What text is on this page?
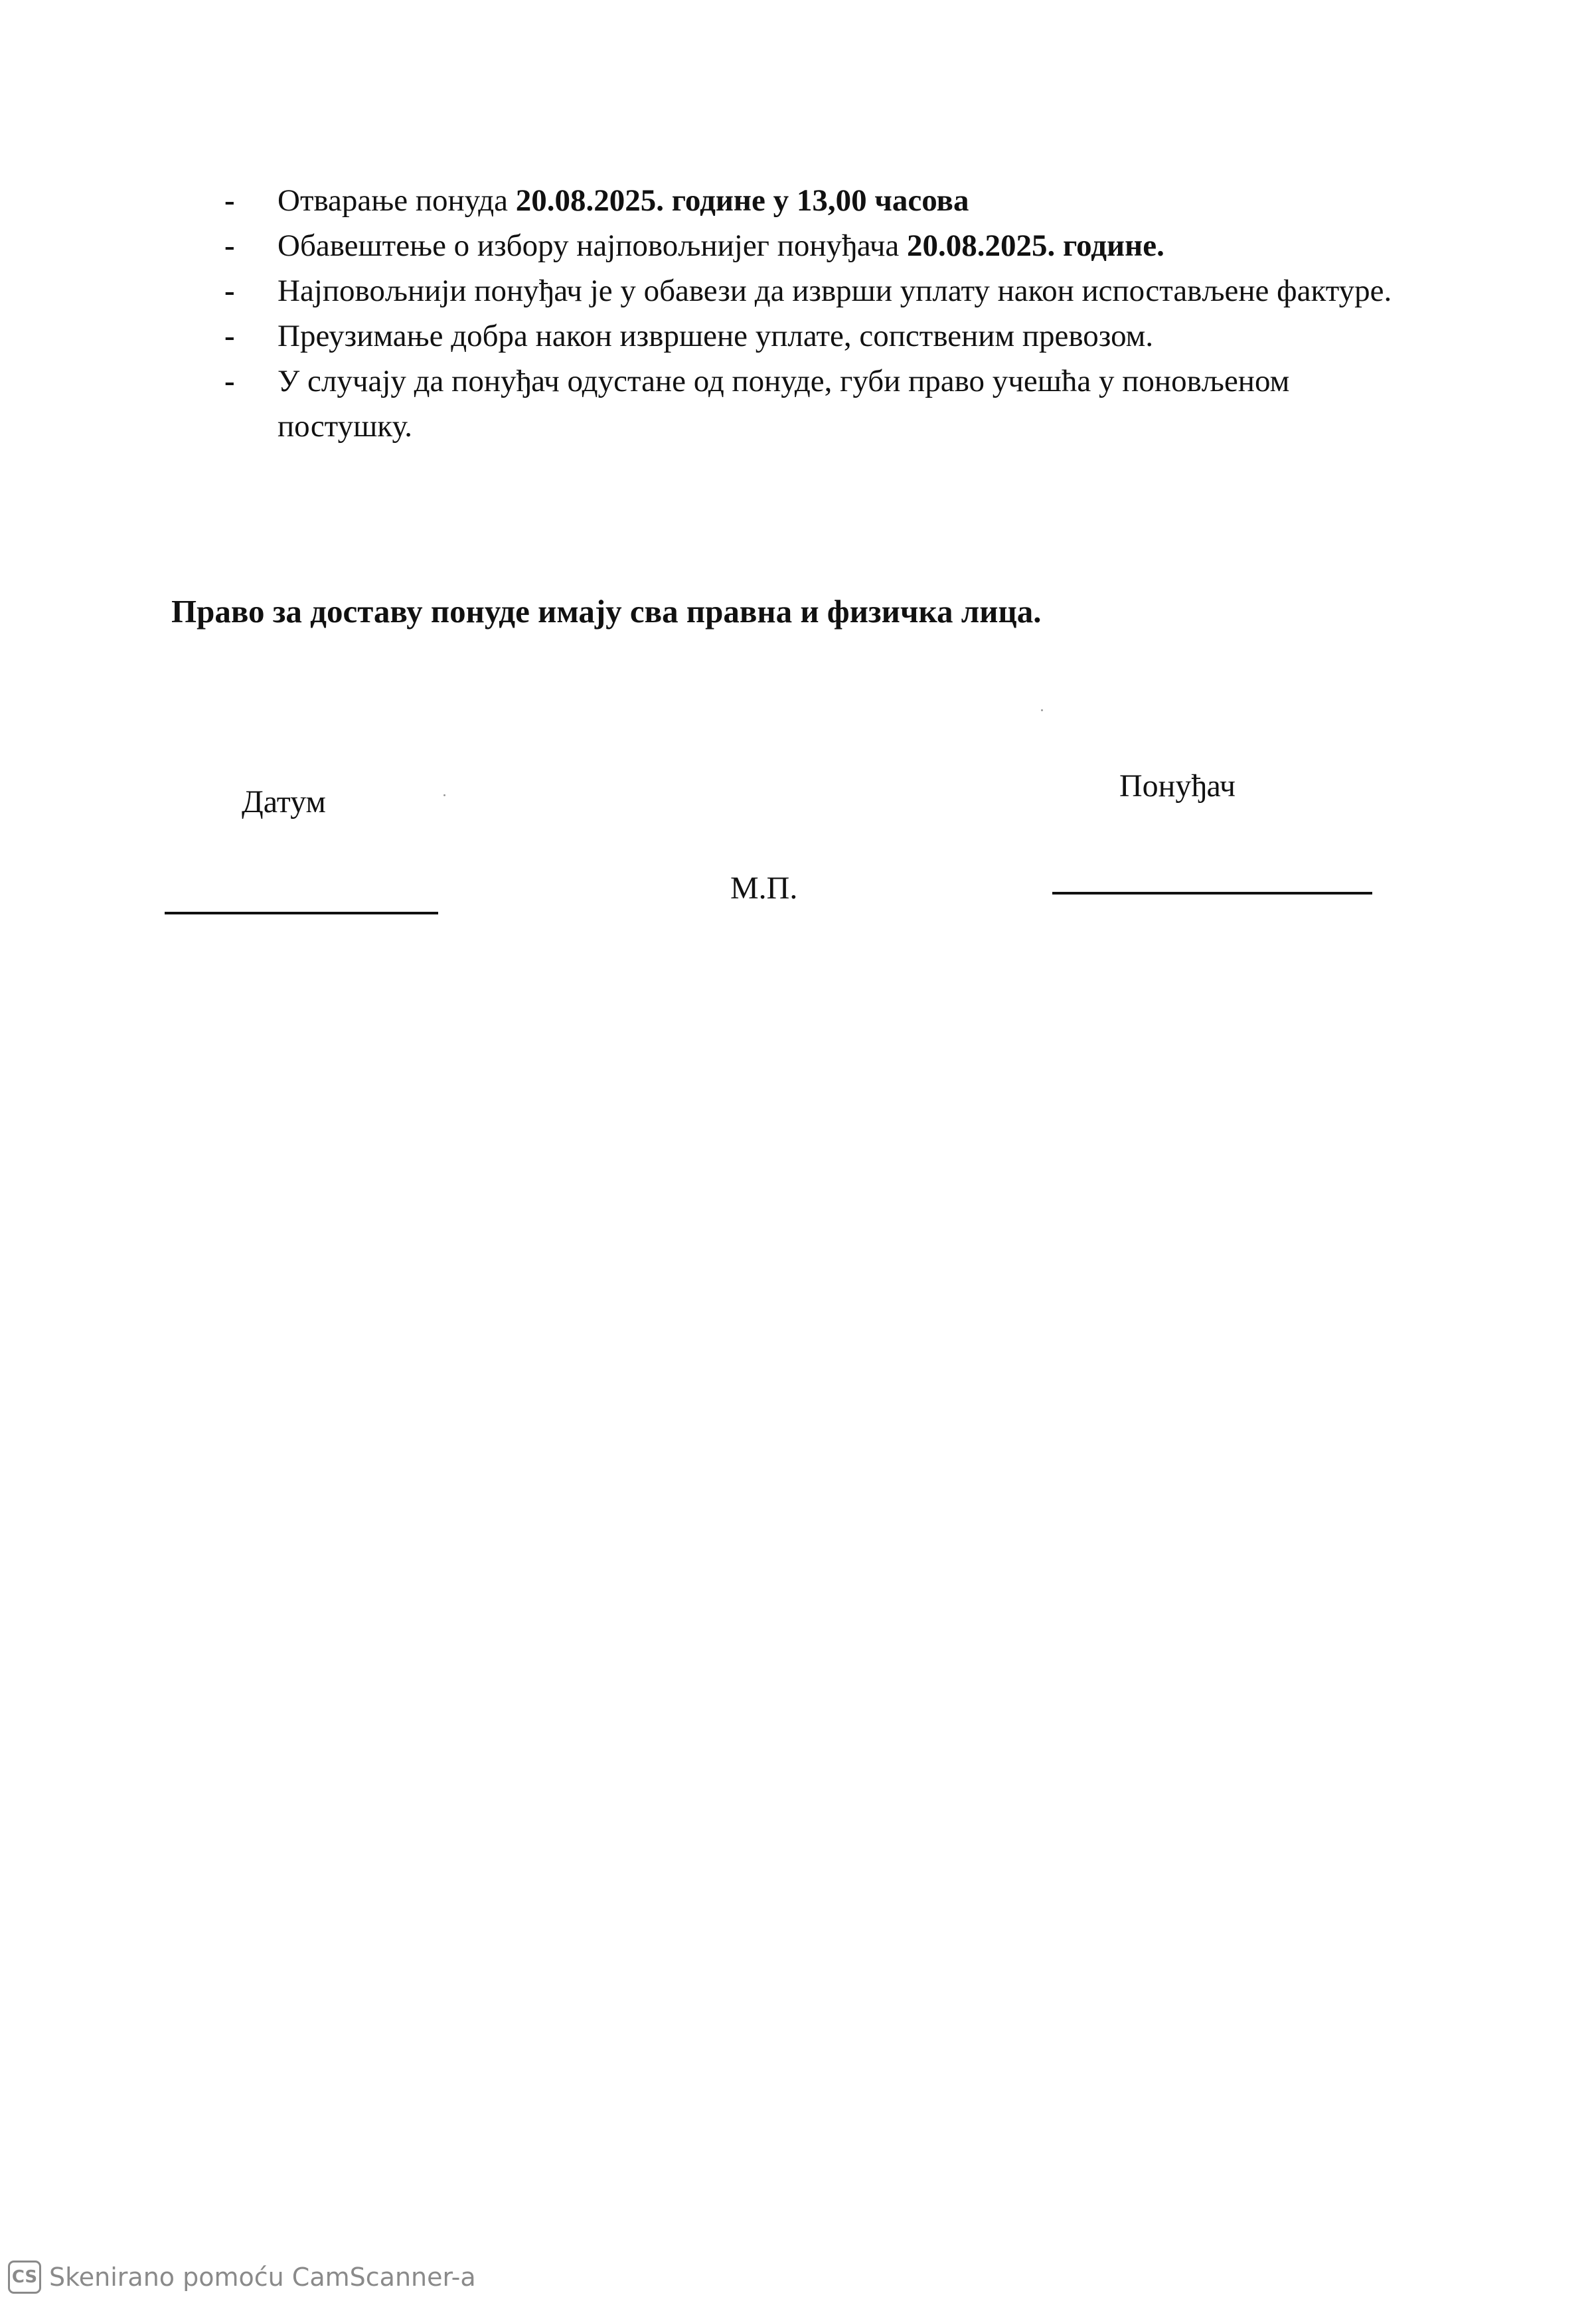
- Отварање понуда 20.08.2025. године у 13,00 часова
- Обавештење о избору најповољнијег понуђача 20.08.2025. године.
- Најповољнији понуђач је у обавези да изврши уплату након испостављене фактуре.
- Преузимање добра након извршене уплате, сопственим превозом.
- У случају да понуђач одустане од понуде, губи право учешћа у поновљеном постушку.
Право за доставу понуде имају сва правна и физичка лица.
Датум	Понуђач
М.П.
CS Skenirano pomoću CamScanner-a
